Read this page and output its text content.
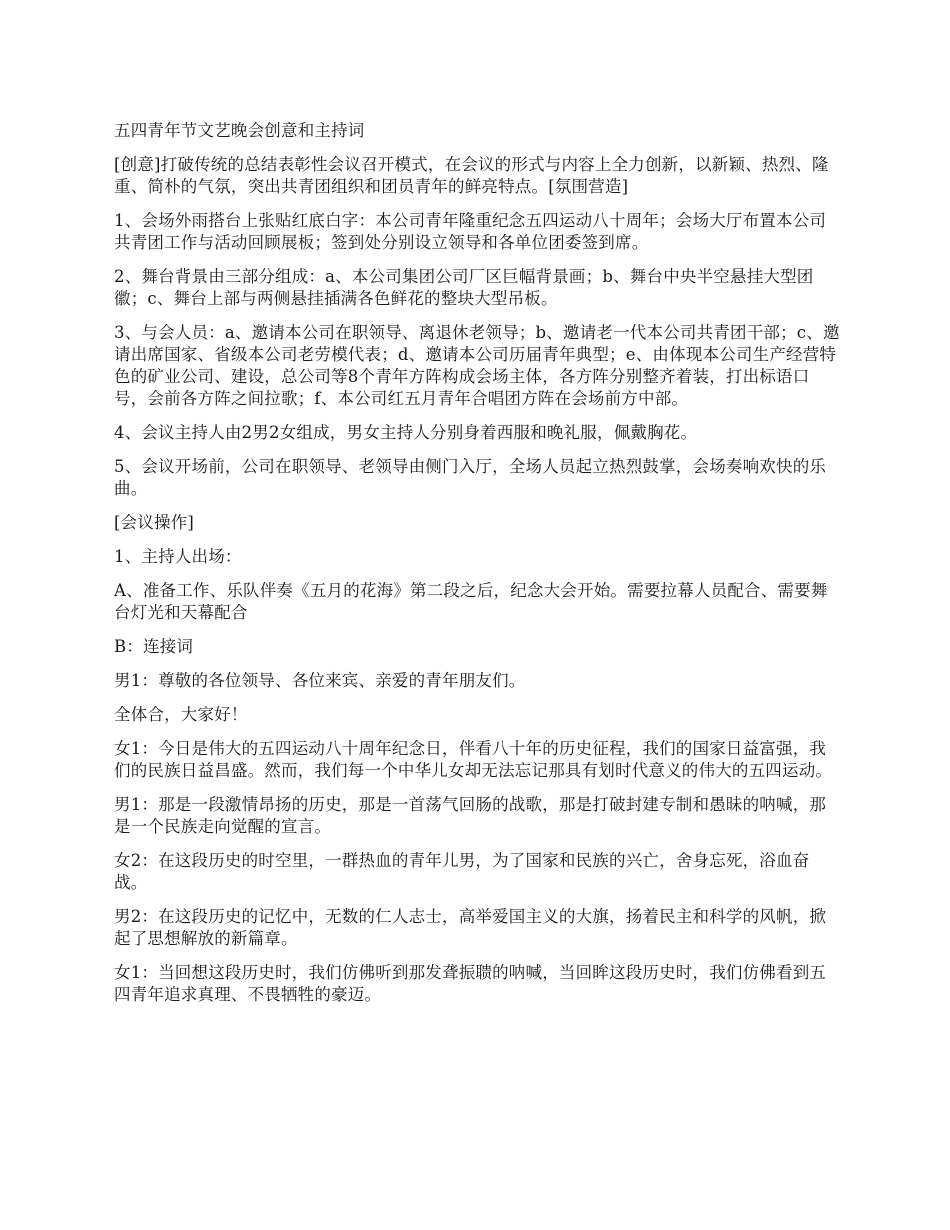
五四青年节文艺晚会创意和主持词

[创意]打破传统的总结表彰性会议召开模式，在会议的形式与内容上全力创新，以新颖、热烈、隆重、简朴的气氛，突出共青团组织和团员青年的鲜亮特点。[氛围营造]

1、会场外雨搭台上张贴红底白字：本公司青年隆重纪念五四运动八十周年；会场大厅布置本公司共青团工作与活动回顾展板；签到处分别设立领导和各单位团委签到席。

2、舞台背景由三部分组成：a、本公司集团公司厂区巨幅背景画；b、舞台中央半空悬挂大型团徽；c、舞台上部与两侧悬挂插满各色鲜花的整块大型吊板。

3、与会人员：a、邀请本公司在职领导、离退休老领导；b、邀请老一代本公司共青团干部；c、邀请出席国家、省级本公司老劳模代表；d、邀请本公司历届青年典型；e、由体现本公司生产经营特色的矿业公司、建设，总公司等8个青年方阵构成会场主体，各方阵分别整齐着装，打出标语口号，会前各方阵之间拉歌；f、本公司红五月青年合唱团方阵在会场前方中部。

4、会议主持人由2男2女组成，男女主持人分别身着西服和晚礼服，佩戴胸花。

5、会议开场前，公司在职领导、老领导由侧门入厅，全场人员起立热烈鼓掌，会场奏响欢快的乐曲。

[会议操作]

1、主持人出场：

A、准备工作、乐队伴奏《五月的花海》第二段之后，纪念大会开始。需要拉幕人员配合、需要舞台灯光和天幕配合

B：连接词

男1：尊敬的各位领导、各位来宾、亲爱的青年朋友们。

全体合，大家好！

女1：今日是伟大的五四运动八十周年纪念日，伴看八十年的历史征程，我们的国家日益富强，我们的民族日益昌盛。然而，我们每一个中华儿女却无法忘记那具有划时代意义的伟大的五四运动。

男1：那是一段激情昂扬的历史，那是一首荡气回肠的战歌，那是打破封建专制和愚昧的呐喊，那是一个民族走向觉醒的宣言。

女2：在这段历史的时空里，一群热血的青年儿男，为了国家和民族的兴亡，舍身忘死，浴血奋战。

男2：在这段历史的记忆中，无数的仁人志士，高举爱国主义的大旗，扬着民主和科学的风帆，掀起了思想解放的新篇章。

女1：当回想这段历史时，我们仿佛听到那发聋振聩的呐喊，当回眸这段历史时，我们仿佛看到五四青年追求真理、不畏牺牲的豪迈。
